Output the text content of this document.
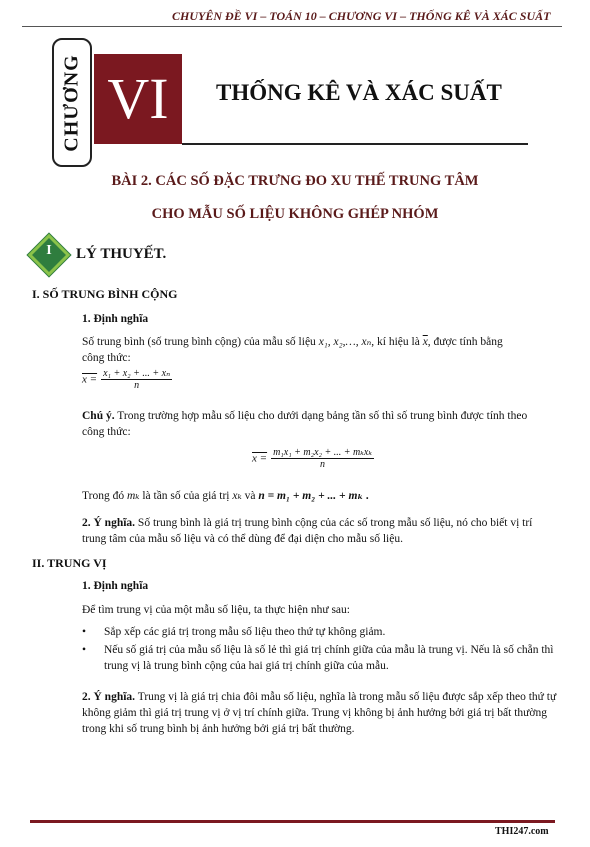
CHUYÊN ĐỀ VI – TOÁN 10 – CHƯƠNG VI – THỐNG KÊ VÀ XÁC SUẤT
CHƯƠNG VI	THỐNG KÊ VÀ XÁC SUẤT
BÀI 2. CÁC SỐ ĐẶC TRƯNG ĐO XU THẾ TRUNG TÂM
CHO MẪU SỐ LIỆU KHÔNG GHÉP NHÓM
I	LÝ THUYẾT.
I. SỐ TRUNG BÌNH CỘNG
1. Định nghĩa
Số trung bình (số trung bình cộng) của mẫu số liệu x₁, x₂,…, xₙ, kí hiệu là $\overline{x}$, được tính bằng
công thức:
$x = \frac{\text{x₁ + x₂ + ... + xₙ}}{n}$
Chú ý. Trong trường hợp mẫu số liệu cho dưới dạng bảng tần số thì số trung bình được tính theo công thức:
$x = \frac{\text{m₁x₁ + m₂x₂ + ... + mₖxₖ}}{n}$
Trong đó mₖ là tần số của giá trị xₖ và n = m₁ + m₂ + ... + mₖ .
2. Ý nghĩa. Số trung bình là giá trị trung bình cộng của các số trong mẫu số liệu, nó cho biết vị trí trung tâm của mẫu số liệu và có thể dùng để đại diện cho mẫu số liệu.
II. TRUNG VỊ
1. Định nghĩa
Để tìm trung vị của một mẫu số liệu, ta thực hiện như sau:
•	Sắp xếp các giá trị trong mẫu số liệu theo thứ tự không giảm.
•	Nếu số giá trị của mẫu số liệu là số lẻ thì giá trị chính giữa của mẫu là trung vị. Nếu là số chẵn thì trung vị là trung bình cộng của hai giá trị chính giữa của mẫu.
2. Ý nghĩa. Trung vị là giá trị chia đôi mẫu số liệu, nghĩa là trong mẫu số liệu được sắp xếp theo thứ tự không giảm thì giá trị trung vị ở vị trí chính giữa. Trung vị không bị ảnh hưởng bởi giá trị bất thường trong khi số trung bình bị ảnh hưởng bởi giá trị bất thường.
THI247.com
